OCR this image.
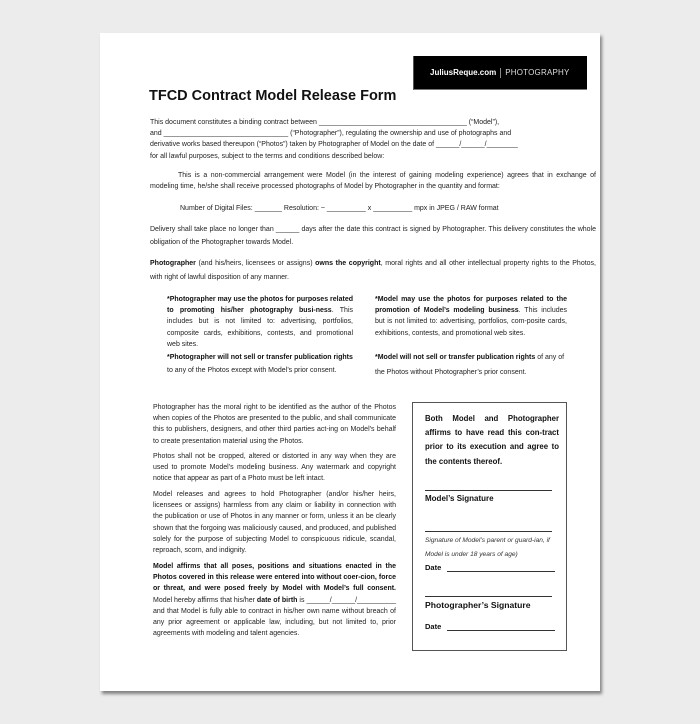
JuliusReque.com PHOTOGRAPHY
TFCD Contract Model Release Form
This document constitutes a binding contract between ______________________________________ (“Model”),
and ________________________________ (“Photographer”), regulating the ownership and use of photographs and
derivative works based thereupon (“Photos”) taken by Photographer of Model on the date of ______/______/________
for all lawful purposes, subject to the terms and conditions described below:

This is a non-commercial arrangement were Model (in the interest of gaining modeling experience) agrees that in exchange of modeling time, he/she shall receive processed photographs of Model by Photographer in the quantity and format:

Number of Digital Files: _______ Resolution: ~ __________ x __________ mpx in JPEG / RAW format

Delivery shall take place no longer than ______ days after the date this contract is signed by Photographer. This delivery constitutes the whole obligation of the Photographer towards Model.

Photographer (and his/heirs, licensees or assigns) owns the copyright, moral rights and all other intellectual property rights to the Photos, with right of lawful disposition of any manner.

*Photographer may use the photos for purposes related to promoting his/her photography busi-ness. This includes but is not limited to: advertising, portfolios, composite cards, exhibitions, contests, and promotional web sites.

*Model may use the photos for purposes related to the promotion of Model’s modeling business. This includes but is not limited to: advertising, portfolios, com-posite cards, exhibitions, contests, and promotional web sites.

*Photographer will not sell or transfer publication rights to any of the Photos except with Model’s prior consent.

*Model will not sell or transfer publication rights of any of the Photos without Photographer’s prior consent.

Photographer has the moral right to be identified as the author of the Photos when copies of the Photos are presented to the public, and shall communicate this to publishers, designers, and other third parties act-ing on Model’s behalf to create presentation material using the Photos.

Photos shall not be cropped, altered or distorted in any way when they are used to promote Model’s modeling business. Any watermark and copyright notice that appear as part of a Photo must be left intact.

Model releases and agrees to hold Photographer (and/or his/her heirs, licensees or assigns) harmless from any claim or liability in connection with the publication or use of Photos in any manner or form, unless it an be clearly shown that the forgoing was maliciously caused, and produced, and published solely for the purpose of subjecting Model to conspicuous ridicule, scandal, reproach, scorn, and indignity.

Model affirms that all poses, positions and situations enacted in the Photos covered in this release were entered into without coer-cion, force or threat, and were posed freely by Model with Model’s full consent. Model hereby affirms that his/her date of birth is ______/______/__________ and that Model is fully able to contract in his/her own name without breach of any prior agreement or applicable law, including, but not limited to, prior agreements with modeling and talent agencies.

Both Model and Photographer affirms to have read this con-tract prior to its execution and agree to the contents thereof.
Model’s Signature
Signature of Model’s parent or guard-ian, if Model is under 18 years of age)
Date
Photographer’s Signature
Date
